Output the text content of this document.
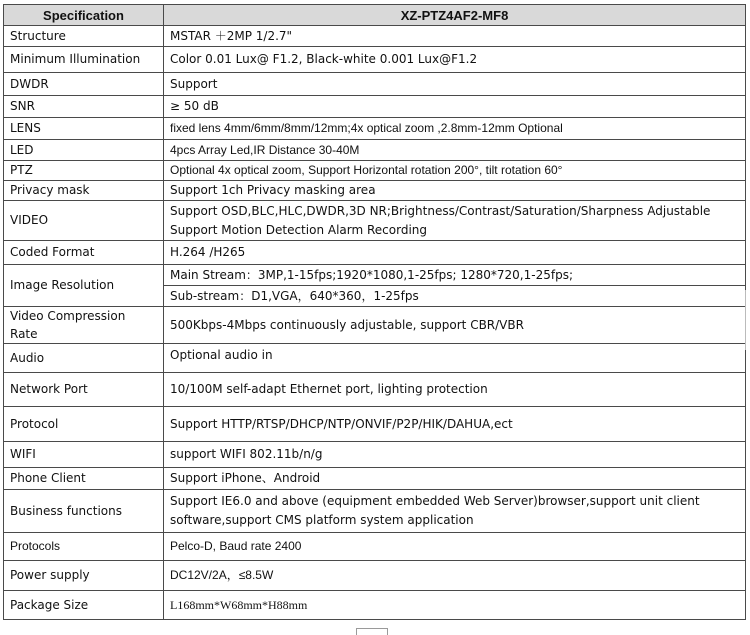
Specification	XZ-PTZ4AF2-MF8
Structure	MSTAR ＋2MP 1/2.7"
Minimum Illumination	Color 0.01 Lux@ F1.2, Black-white 0.001 Lux@F1.2
DWDR	Support
SNR	≥ 50 dB
LENS	fixed lens 4mm/6mm/8mm/12mm;4x optical zoom ,2.8mm-12mm Optional
LED	4pcs Array Led,IR Distance 30-40M
PTZ	Optional 4x optical zoom, Support Horizontal rotation 200°, tilt rotation 60°
Privacy mask	Support 1ch Privacy masking area
VIDEO	Support OSD,BLC,HLC,DWDR,3D NR;Brightness/Contrast/Saturation/Sharpness Adjustable
Support Motion Detection Alarm Recording

Coded Format	H.264 /H265
Image Resolution	Main Stream：3MP,1-15fps;1920*1080,1-25fps; 1280*720,1-25fps;
Sub-stream：D1,VGA，640*360，1-25fps

Video Compression
Rate	500Kbps-4Mbps continuously adjustable, support CBR/VBR
Audio	Optional audio in
Network Port	10/100M self-adapt Ethernet port, lighting protection
Protocol	Support HTTP/RTSP/DHCP/NTP/ONVIF/P2P/HIK/DAHUA,ect
WIFI	support WIFI 802.11b/n/g
Phone Client	Support iPhone、Android
Business functions	Support IE6.0 and above (equipment embedded Web Server)browser,support unit client
software,support CMS platform system application

Protocols	Pelco-D, Baud rate 2400
Power supply	DC12V/2A，≤8.5W
Package Size	L168mm*W68mm*H88mm
